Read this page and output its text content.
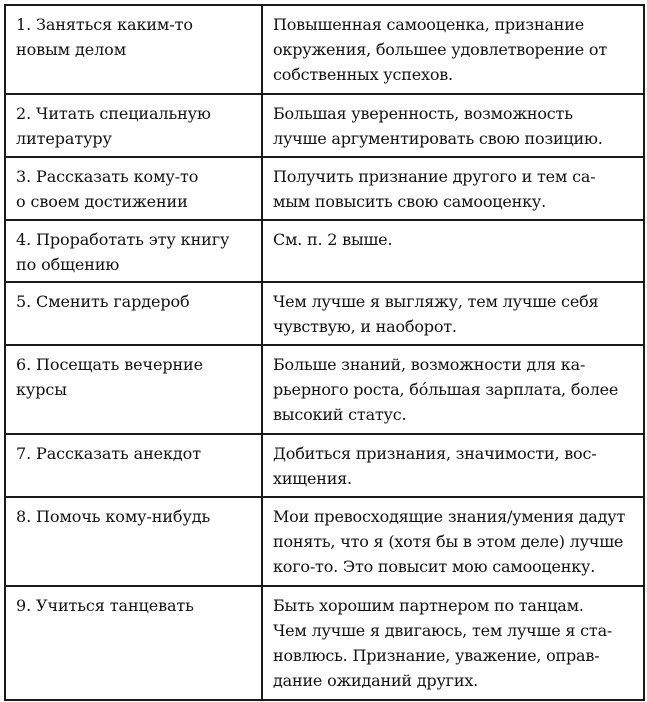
1. Заняться каким-то
новым делом	Повышенная самооценка, признание
окружения, большее удовлетворение от
собственных успехов.
2. Читать специальную
литературу	Большая уверенность, возможность
лучше аргументировать свою позицию.
3. Рассказать кому-то
о своем достижении	Получить признание другого и тем са-
мым повысить свою самооценку.
4. Проработать эту книгу
по общению	См. п. 2 выше.
5. Сменить гардероб	Чем лучше я выгляжу, тем лучше себя
чувствую, и наоборот.
6. Посещать вечерние
курсы	Больше знаний, возможности для ка-
рьерного роста, бóльшая зарплата, более
высокий статус.
7. Рассказать анекдот	Добиться признания, значимости, вос-
хищения.
8. Помочь кому-нибудь	Мои превосходящие знания/умения дадут
понять, что я (хотя бы в этом деле) лучше
кого-то. Это повысит мою самооценку.
9. Учиться танцевать	Быть хорошим партнером по танцам.
Чем лучше я двигаюсь, тем лучше я ста-
новлюсь. Признание, уважение, оправ-
дание ожиданий других.
